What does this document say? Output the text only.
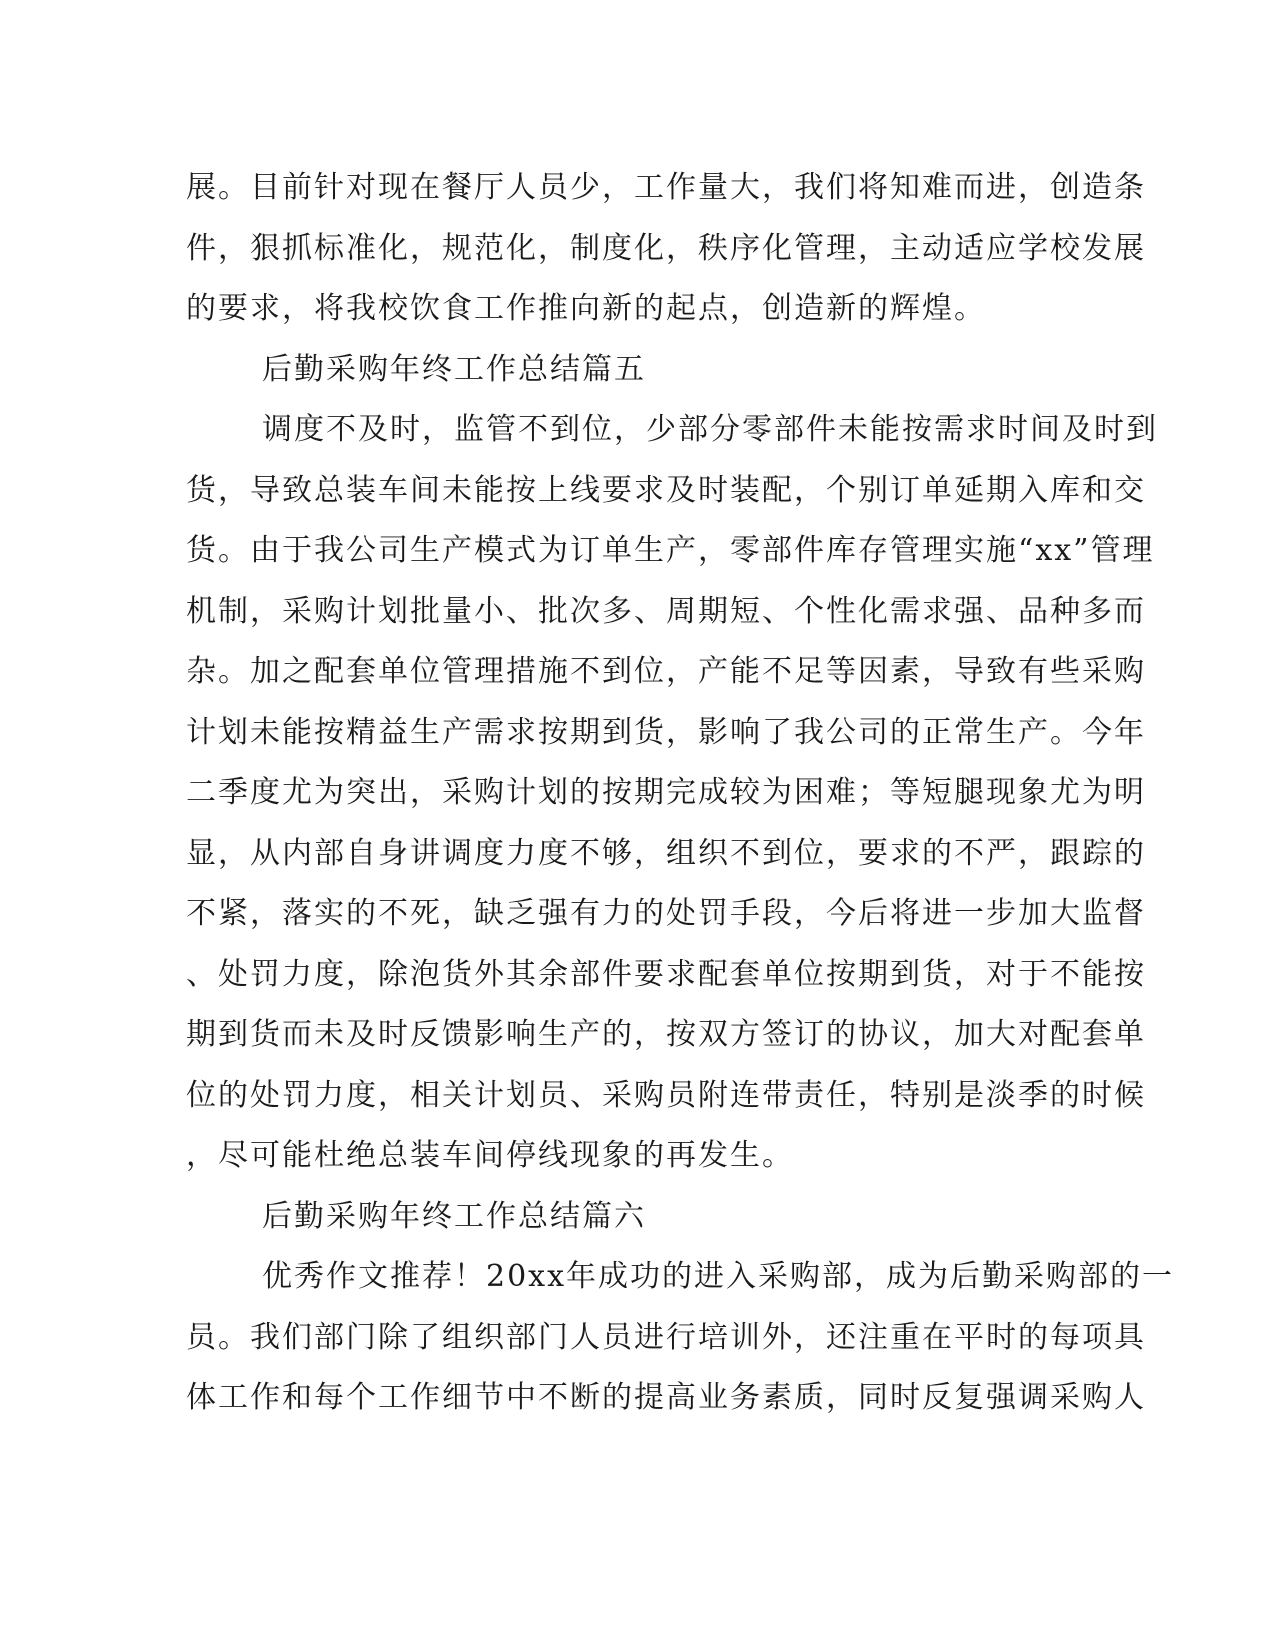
展。目前针对现在餐厅人员少，工作量大，我们将知难而进，创造条
件，狠抓标准化，规范化，制度化，秩序化管理，主动适应学校发展
的要求，将我校饮食工作推向新的起点，创造新的辉煌。
后勤采购年终工作总结篇五
调度不及时，监管不到位，少部分零部件未能按需求时间及时到
货，导致总装车间未能按上线要求及时装配，个别订单延期入库和交
货。由于我公司生产模式为订单生产，零部件库存管理实施“xx”管理
机制，采购计划批量小、批次多、周期短、个性化需求强、品种多而
杂。加之配套单位管理措施不到位，产能不足等因素，导致有些采购
计划未能按精益生产需求按期到货，影响了我公司的正常生产。今年
二季度尤为突出，采购计划的按期完成较为困难；等短腿现象尤为明
显，从内部自身讲调度力度不够，组织不到位，要求的不严，跟踪的
不紧，落实的不死，缺乏强有力的处罚手段，今后将进一步加大监督
、处罚力度，除泡货外其余部件要求配套单位按期到货，对于不能按
期到货而未及时反馈影响生产的，按双方签订的协议，加大对配套单
位的处罚力度，相关计划员、采购员附连带责任，特别是淡季的时候
，尽可能杜绝总装车间停线现象的再发生。
后勤采购年终工作总结篇六
优秀作文推荐！20xx年成功的进入采购部，成为后勤采购部的一
员。我们部门除了组织部门人员进行培训外，还注重在平时的每项具
体工作和每个工作细节中不断的提高业务素质，同时反复强调采购人
